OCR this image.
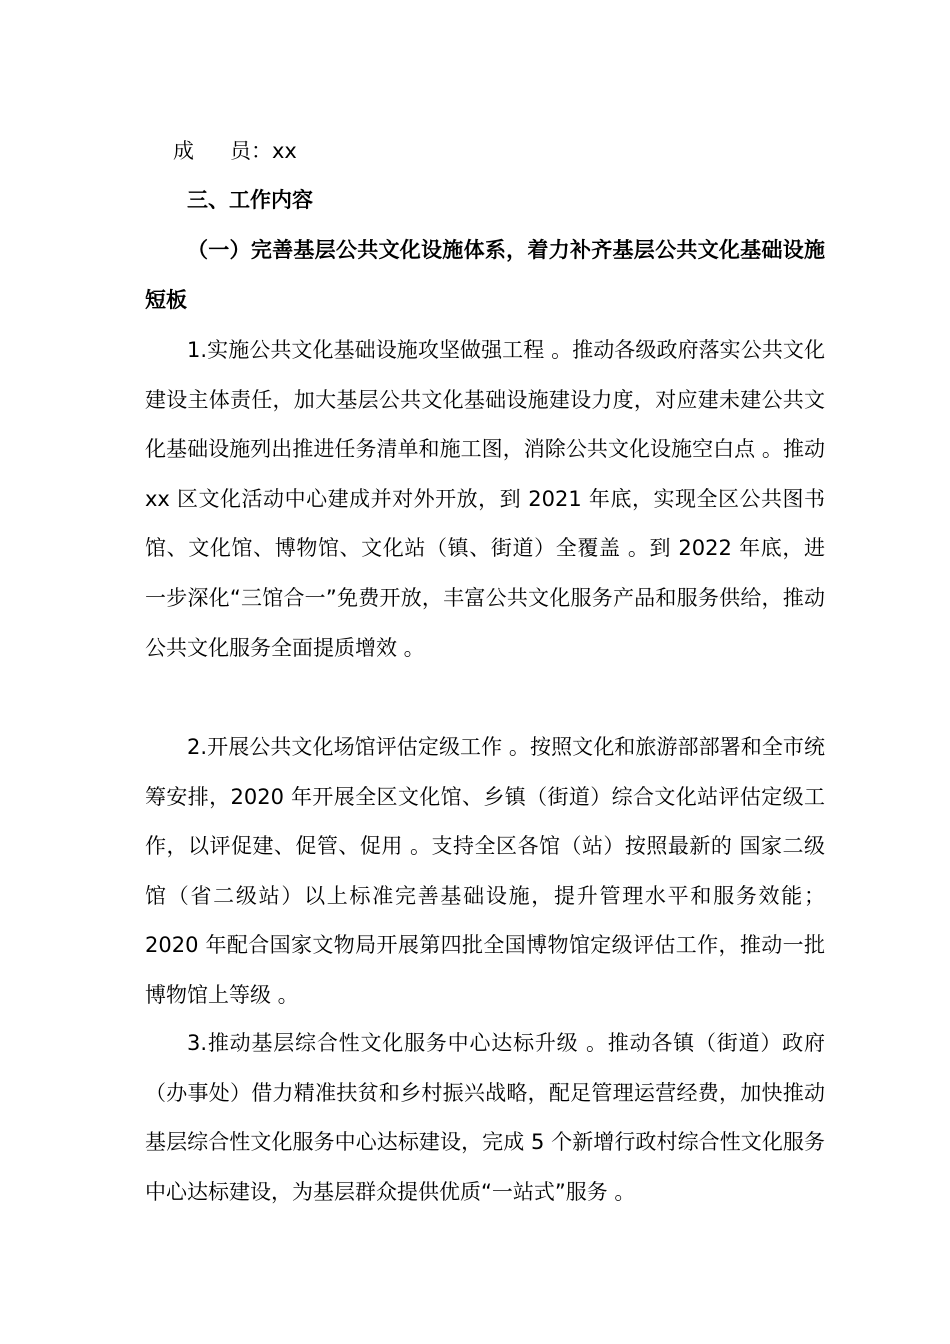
成 员：xx

三、工作内容

（一）完善基层公共文化设施体系，着力补齐基层公共文化基础设施短板

1.实施公共文化基础设施攻坚做强工程 。推动各级政府落实公共文化建设主体责任，加大基层公共文化基础设施建设力度，对应建未建公共文化基础设施列出推进任务清单和施工图，消除公共文化设施空白点 。推动 xx 区文化活动中心建成并对外开放，到 2021 年底，实现全区公共图书馆、文化馆、博物馆、文化站（镇、街道）全覆盖 。到 2022 年底，进一步深化“三馆合一”免费开放，丰富公共文化服务产品和服务供给，推动公共文化服务全面提质增效 。

2.开展公共文化场馆评估定级工作 。按照文化和旅游部部署和全市统筹安排，2020 年开展全区文化馆、乡镇（街道）综合文化站评估定级工作，以评促建、促管、促用 。支持全区各馆（站）按照最新的 国家二级馆（省二级站）以上标准完善基础设施，提升管理水平和服务效能；2020 年配合国家文物局开展第四批全国博物馆定级评估工作，推动一批博物馆上等级 。

3.推动基层综合性文化服务中心达标升级 。推动各镇（街道）政府（办事处）借力精准扶贫和乡村振兴战略，配足管理运营经费，加快推动基层综合性文化服务中心达标建设，完成 5 个新增行政村综合性文化服务中心达标建设，为基层群众提供优质“一站式”服务 。
